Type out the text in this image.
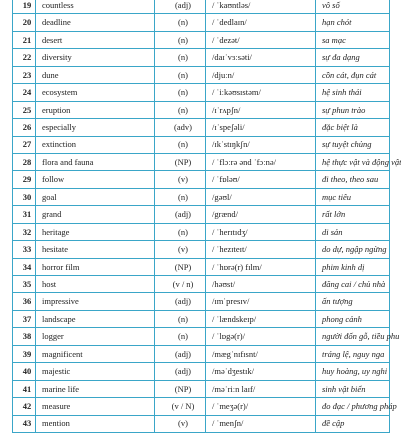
19	countless	(adj)	/ ˈkaʊntləs/	vô số
20	deadline	(n)	/ ˈdedlaɪn/	hạn chót
21	desert	(n)	/ ˈdezət/	sa mạc
22	diversity	(n)	/daɪˈvɜːsəti/	sự đa dạng
23	dune	(n)	/djuːn/	cồn cát, đụn cát
24	ecosystem	(n)	/ ˈiːkəʊsɪstəm/	hệ sinh thái
25	eruption	(n)	/ɪˈrʌpʃn/	sự phun trào
26	especially	(adv)	/ɪˈspeʃəli/	đặc biệt là
27	extinction	(n)	/ɪkˈstɪŋkʃn/	sự tuyệt chủng
28	flora and fauna	(NP)	/ ˈflɔːrə ənd ˈfɔːnə/	hệ thực vật và động vật
29	follow	(v)	/ ˈfɒləʊ/	đi theo, theo sau
30	goal	(n)	/gəʊl/	mục tiêu
31	grand	(adj)	/grænd/	rất lớn
32	heritage	(n)	/ ˈherɪtɪdʒ/	di sản
33	hesitate	(v)	/ ˈhezɪteɪt/	do dự, ngập ngừng
34	horror film	(NP)	/ ˈhɒrə(r) fɪlm/	phim kinh dị
35	host	(v / n)	/həʊst/	đăng cai / chủ nhà
36	impressive	(adj)	/ɪmˈpresɪv/	ấn tượng
37	landscape	(n)	/ ˈlændskeɪp/	phong cảnh
38	logger	(n)	/ ˈlɒgə(r)/	người đốn gỗ, tiều phu
39	magnificent	(adj)	/mægˈnɪfɪsnt/	tráng lệ, nguy nga
40	majestic	(adj)	/məˈdʒestɪk/	huy hoàng, uy nghi
41	marine life	(NP)	/məˈriːn laɪf/	sinh vật biển
42	measure	(v / N)	/ ˈmeʒə(r)/	đo đạc / phương pháp
43	mention	(v)	/ ˈmenʃn/	đề cập
